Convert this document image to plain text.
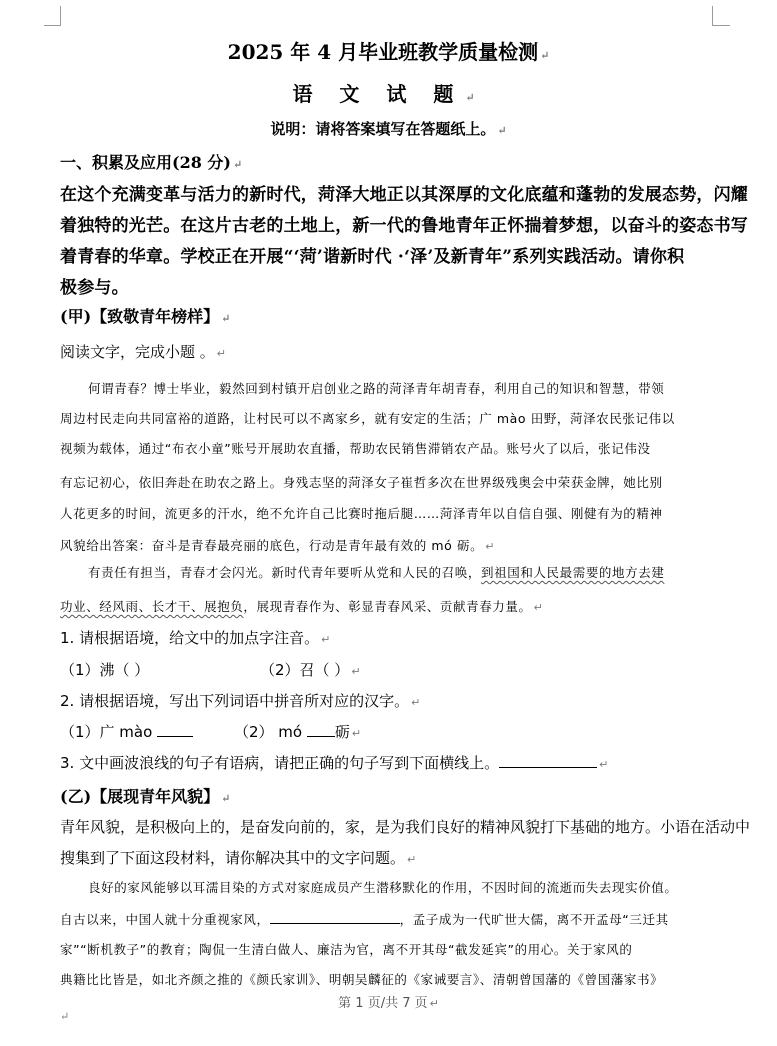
2025 年 4 月毕业班教学质量检测 ↵
语 文 试 题 ↵
说明：请将答案填写在答题纸上。 ↵
一、积累及应用(28 分) ↵
在这个充满变革与活力的新时代，菏泽大地正以其深厚的文化底蕴和蓬勃的发展态势，闪耀
着独特的光芒。在这片古老的土地上，新一代的鲁地青年正怀揣着梦想，以奋斗的姿态书写
着青春的华章。学校正在开展“‘菏’谐新时代 ·‘泽’及新青年”系列实践活动。请你积
极参与。
(甲)【致敬青年榜样】 ↵
阅读文字，完成小题 。 ↵
何谓青春？博士毕业，毅然回到村镇开启创业之路的菏泽青年胡青春，利用自己的知识和智慧，带领
周边村民走向共同富裕的道路，让村民可以不离家乡，就有安定的生活；广 mào 田野，菏泽农民张记伟以
视频为载体，通过“布衣小童”账号开展助农直播，帮助农民销售滞销农产品。账号火了以后，张记伟没
有忘记初心，依旧奔赴在助农之路上。身残志坚的菏泽女子崔哲多次在世界级残奥会中荣获金牌，她比别
人花更多的时间，流更多的汗水，绝不允许自己比赛时拖后腿……菏泽青年以自信自强、刚健有为的精神
风貌给出答案：奋斗是青春最亮丽的底色，行动是青年最有效的 mó 砺。 ↵
有责任有担当，青春才会闪光。新时代青年要听从党和人民的召唤，到祖国和人民最需要的地方去建
功业、经风雨、长才干、展抱负，展现青春作为、彰显青春风采、贡献青春力量。 ↵
1. 请根据语境，给文中的加点字注音。 ↵
（1）沸（ ）	（2）召（ ） ↵
2. 请根据语境，写出下列词语中拼音所对应的汉字。 ↵
（1）广 mào	（2） mó 砺 ↵
3. 文中画波浪线的句子有语病，请把正确的句子写到下面横线上。	↵
(乙)【展现青年风貌】 ↵
青年风貌，是积极向上的，是奋发向前的，家，是为我们良好的精神风貌打下基础的地方。小语在活动中
搜集到了下面这段材料，请你解决其中的文字问题。 ↵
良好的家风能够以耳濡目染的方式对家庭成员产生潜移默化的作用，不因时间的流逝而失去现实价值。
自古以来，中国人就十分重视家风，	，孟子成为一代旷世大儒，离不开孟母“三迁其
家”“断机教子”的教育；陶侃一生清白做人、廉洁为官，离不开其母“截发延宾”的用心。关于家风的
典籍比比皆是，如北齐颜之推的《颜氏家训》、明朝吴麟征的《家诫要言》、清朝曾国藩的《曾国藩家书》
第 1 页/共 7 页 ↵
↵
